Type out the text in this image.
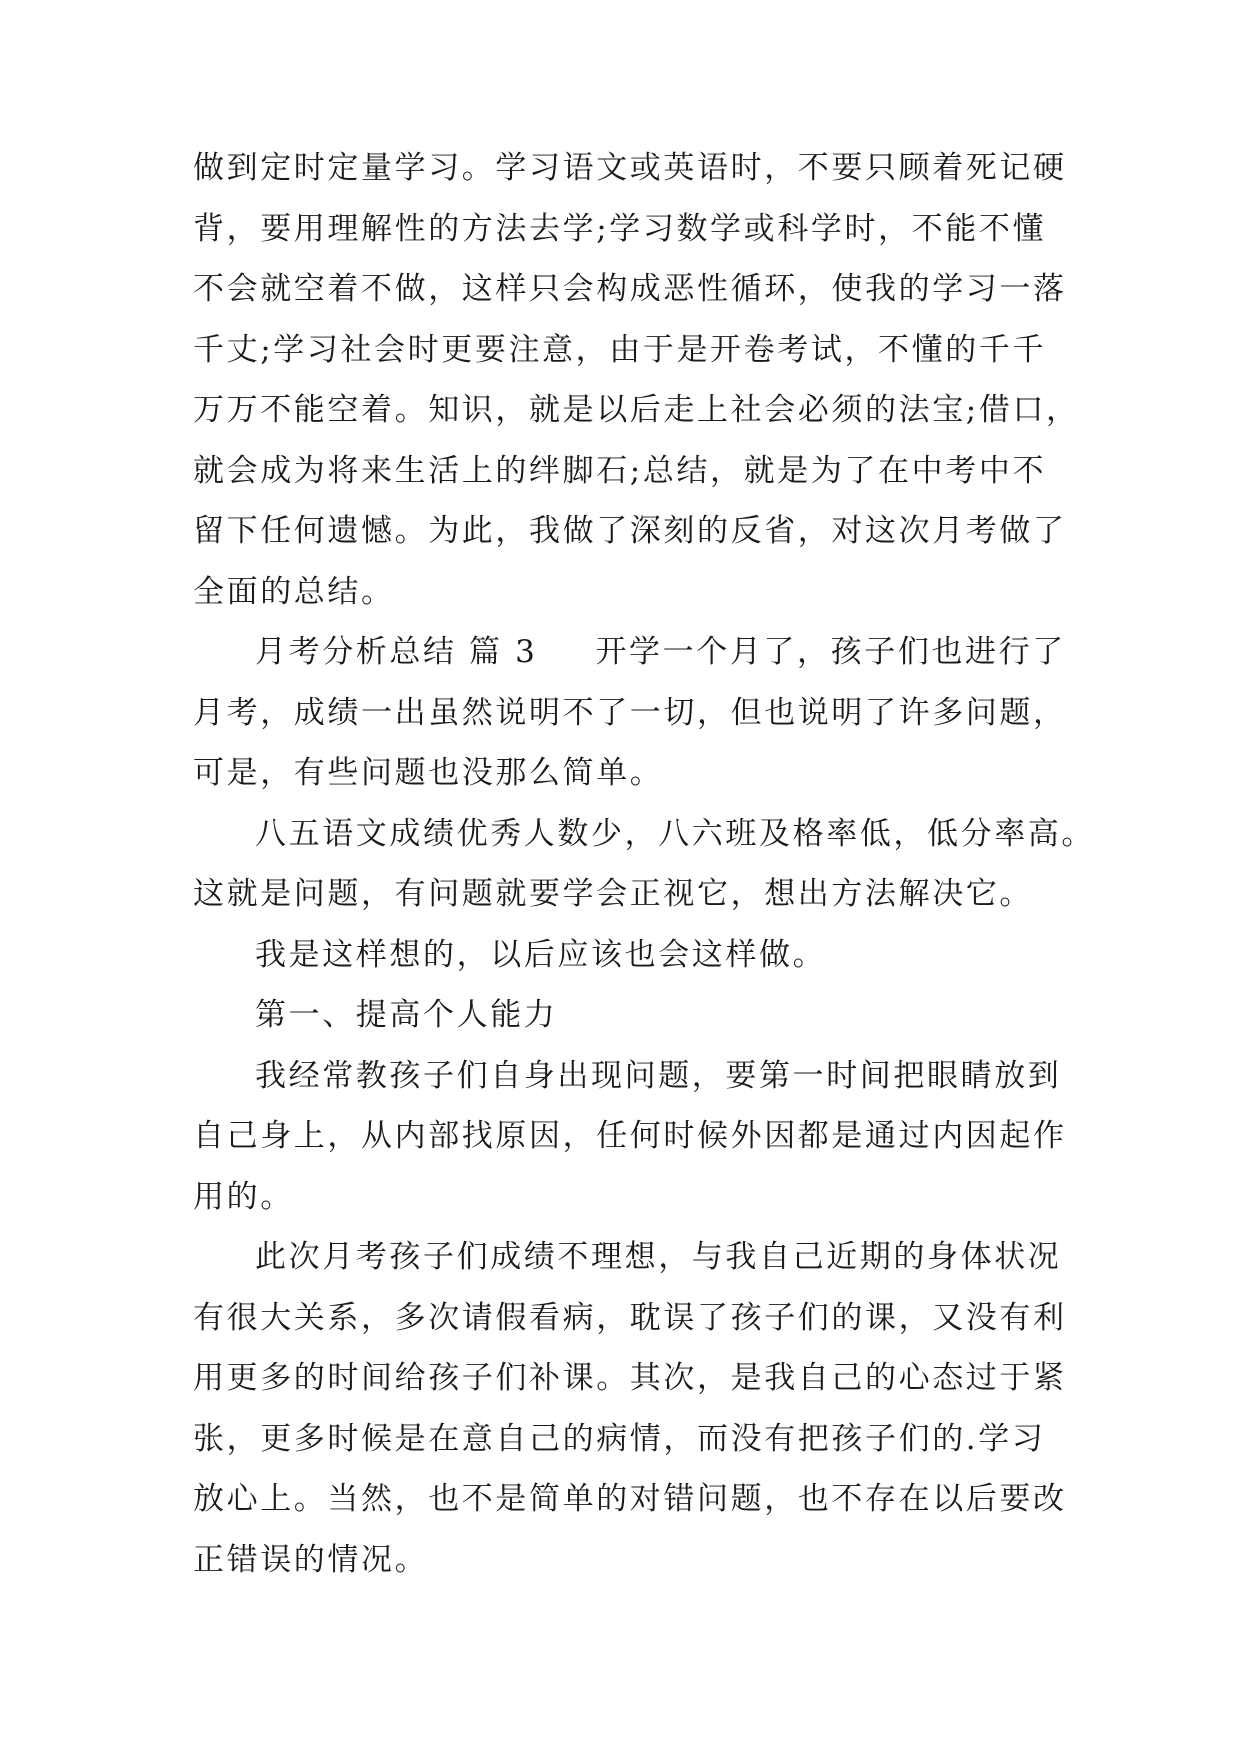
做到定时定量学习。学习语文或英语时，不要只顾着死记硬
背，要用理解性的方法去学;学习数学或科学时，不能不懂
不会就空着不做，这样只会构成恶性循环，使我的学习一落
千丈;学习社会时更要注意，由于是开卷考试，不懂的千千
万万不能空着。知识，就是以后走上社会必须的法宝;借口，
就会成为将来生活上的绊脚石;总结，就是为了在中考中不
留下任何遗憾。为此，我做了深刻的反省，对这次月考做了
全面的总结。
月考分析总结 篇 3 开学一个月了，孩子们也进行了
月考，成绩一出虽然说明不了一切，但也说明了许多问题，
可是，有些问题也没那么简单。
八五语文成绩优秀人数少，八六班及格率低，低分率高。
这就是问题，有问题就要学会正视它，想出方法解决它。
我是这样想的，以后应该也会这样做。
第一、提高个人能力
我经常教孩子们自身出现问题，要第一时间把眼睛放到
自己身上，从内部找原因，任何时候外因都是通过内因起作
用的。
此次月考孩子们成绩不理想，与我自己近期的身体状况
有很大关系，多次请假看病，耽误了孩子们的课，又没有利
用更多的时间给孩子们补课。其次，是我自己的心态过于紧
张，更多时候是在意自己的病情，而没有把孩子们的.学习
放心上。当然，也不是简单的对错问题，也不存在以后要改
正错误的情况。
